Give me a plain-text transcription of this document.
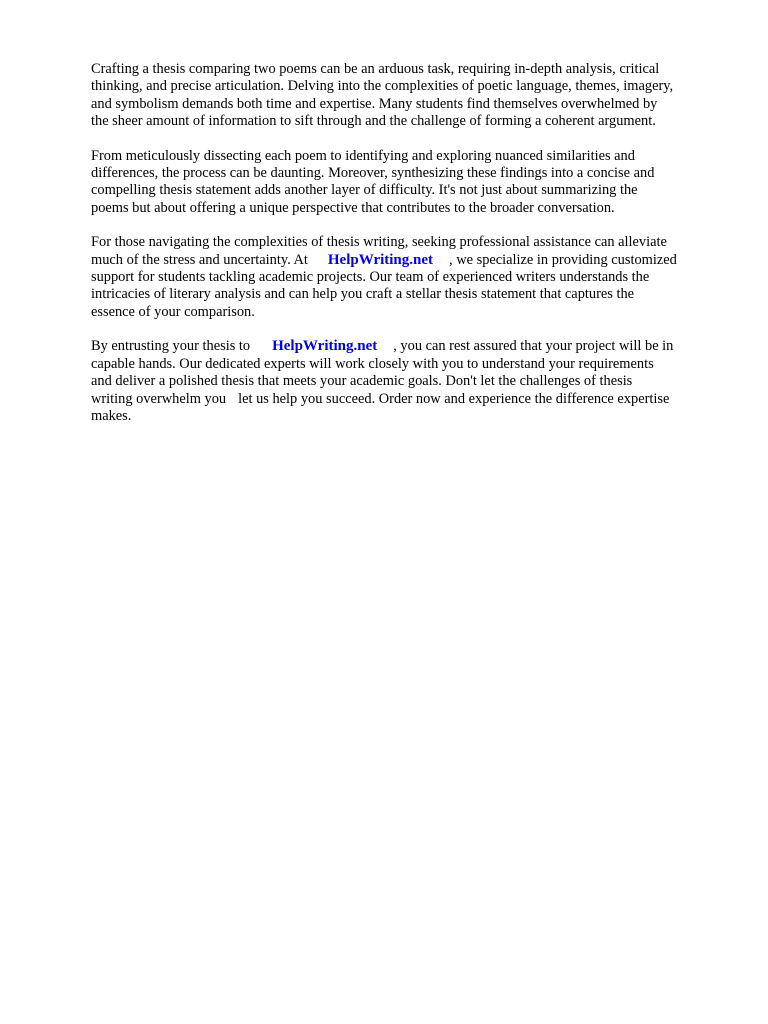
Crafting a thesis comparing two poems can be an arduous task, requiring in-depth analysis, critical
thinking, and precise articulation. Delving into the complexities of poetic language, themes, imagery,
and symbolism demands both time and expertise. Many students find themselves overwhelmed by
the sheer amount of information to sift through and the challenge of forming a coherent argument.

From meticulously dissecting each poem to identifying and exploring nuanced similarities and
differences, the process can be daunting. Moreover, synthesizing these findings into a concise and
compelling thesis statement adds another layer of difficulty. It's not just about summarizing the
poems but about offering a unique perspective that contributes to the broader conversation.

For those navigating the complexities of thesis writing, seeking professional assistance can alleviate
much of the stress and uncertainty. At HelpWriting.net , we specialize in providing customized
support for students tackling academic projects. Our team of experienced writers understands the
intricacies of literary analysis and can help you craft a stellar thesis statement that captures the
essence of your comparison.

By entrusting your thesis to HelpWriting.net , you can rest assured that your project will be in
capable hands. Our dedicated experts will work closely with you to understand your requirements
and deliver a polished thesis that meets your academic goals. Don't let the challenges of thesis
writing overwhelm you let us help you succeed. Order now and experience the difference expertise
makes.
